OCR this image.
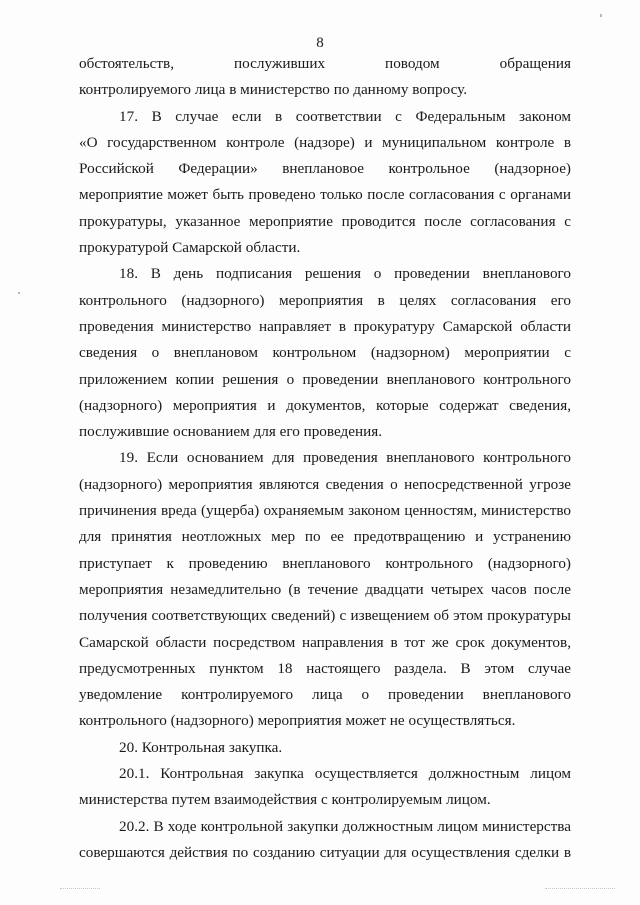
8
обстоятельств, послуживших поводом обращения
контролируемого лица в министерство по данному вопросу.
17. В случае если в соответствии с Федеральным законом
«О государственном контроле (надзоре) и муниципальном контроле в
Российской Федерации» внеплановое контрольное (надзорное)
мероприятие может быть проведено только после согласования с органами
прокуратуры, указанное мероприятие проводится после согласования с
прокуратурой Самарской области.
18. В день подписания решения о проведении внепланового
контрольного (надзорного) мероприятия в целях согласования его
проведения министерство направляет в прокуратуру Самарской области
сведения о внеплановом контрольном (надзорном) мероприятии с
приложением копии решения о проведении внепланового контрольного
(надзорного) мероприятия и документов, которые содержат сведения,
послужившие основанием для его проведения.
19. Если основанием для проведения внепланового контрольного
(надзорного) мероприятия являются сведения о непосредственной угрозе
причинения вреда (ущерба) охраняемым законом ценностям, министерство
для принятия неотложных мер по ее предотвращению и устранению
приступает к проведению внепланового контрольного (надзорного)
мероприятия незамедлительно (в течение двадцати четырех часов после
получения соответствующих сведений) с извещением об этом прокуратуры
Самарской области посредством направления в тот же срок документов,
предусмотренных пунктом 18 настоящего раздела. В этом случае
уведомление контролируемого лица о проведении внепланового
контрольного (надзорного) мероприятия может не осуществляться.
20. Контрольная закупка.
20.1. Контрольная закупка осуществляется должностным лицом
министерства путем взаимодействия с контролируемым лицом.
20.2. В ходе контрольной закупки должностным лицом министерства
совершаются действия по созданию ситуации для осуществления сделки в
